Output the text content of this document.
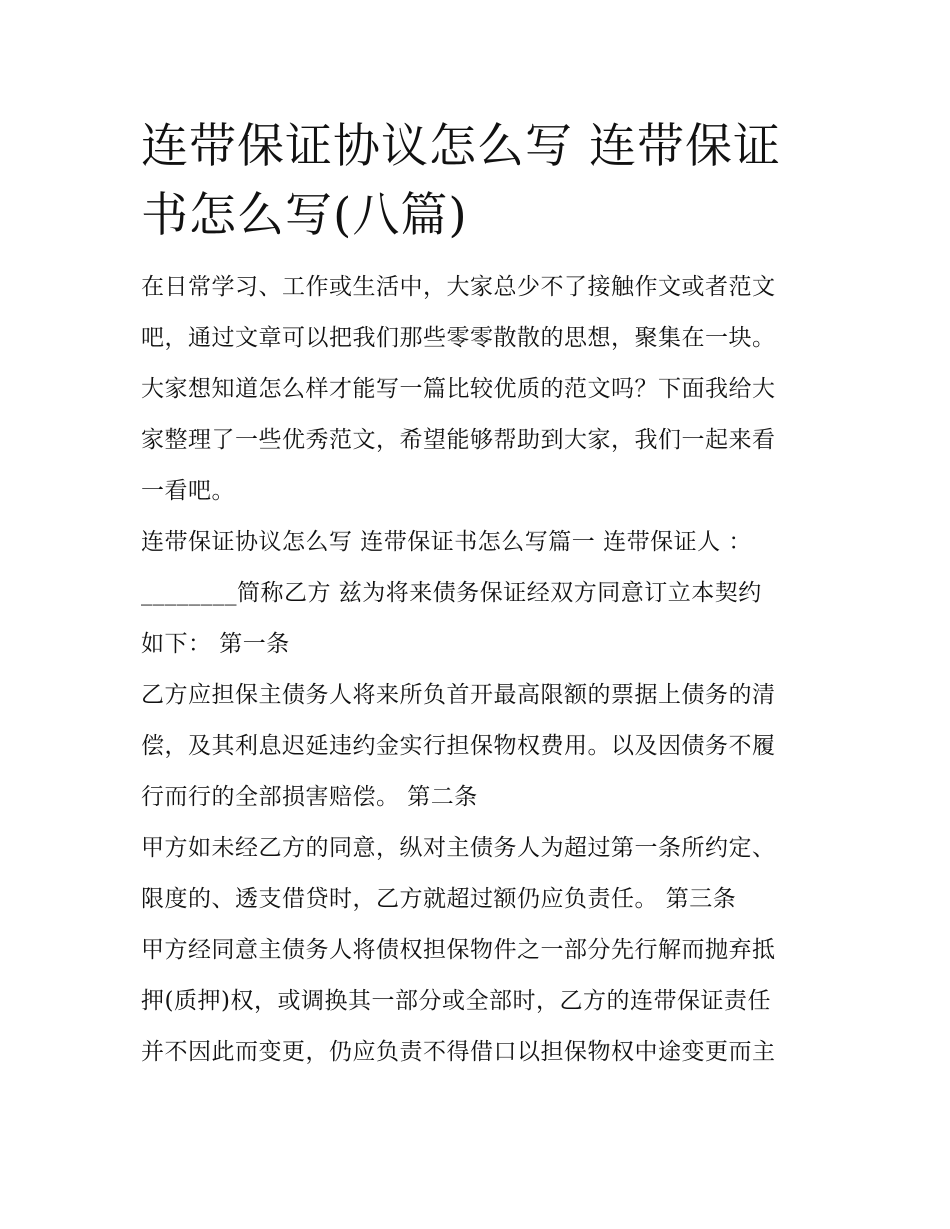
连带保证协议怎么写 连带保证
书怎么写(八篇)

在日常学习、工作或生活中，大家总少不了接触作文或者范文
吧，通过文章可以把我们那些零零散散的思想，聚集在一块。
大家想知道怎么样才能写一篇比较优质的范文吗？下面我给大
家整理了一些优秀范文，希望能够帮助到大家，我们一起来看
一看吧。

连带保证协议怎么写 连带保证书怎么写篇一 连带保证人 ：
________简称乙方 兹为将来债务保证经双方同意订立本契约
如下： 第一条

乙方应担保主债务人将来所负首开最高限额的票据上债务的清
偿，及其利息迟延违约金实行担保物权费用。以及因债务不履
行而行的全部损害赔偿。 第二条

甲方如未经乙方的同意，纵对主债务人为超过第一条所约定、
限度的、透支借贷时，乙方就超过额仍应负责任。 第三条

甲方经同意主债务人将债权担保物件之一部分先行解而抛弃抵
押(质押)权，或调换其一部分或全部时，乙方的连带保证责任
并不因此而变更，仍应负责不得借口以担保物权中途变更而主
